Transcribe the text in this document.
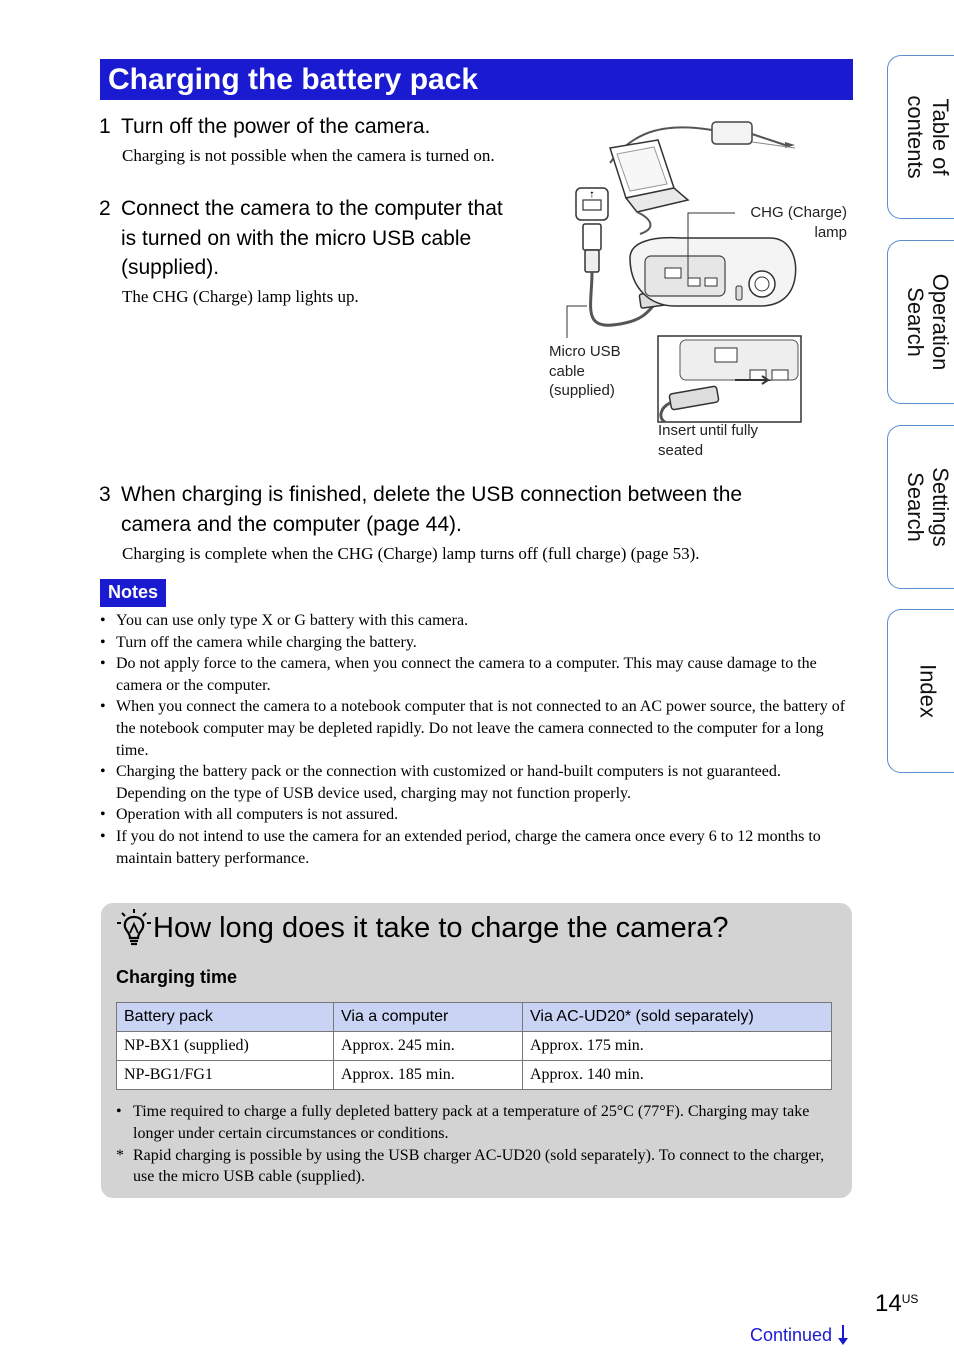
Charging the battery pack
1 Turn off the power of the camera.
Charging is not possible when the camera is turned on.
2 Connect the camera to the computer that
is turned on with the micro USB cable
(supplied).
The CHG (Charge) lamp lights up.
⭡
CHG (Charge)
lamp
Micro USB
cable
(supplied)
Insert until fully
seated
3 When charging is finished, delete the USB connection between the
camera and the computer (page 44).
Charging is complete when the CHG (Charge) lamp turns off (full charge) (page 53).
Notes
• You can use only type X or G battery with this camera.
• Turn off the camera while charging the battery.
• Do not apply force to the camera, when you connect the camera to a computer. This may cause damage to the camera or the computer.
• When you connect the camera to a notebook computer that is not connected to an AC power source, the battery of the notebook computer may be depleted rapidly. Do not leave the camera connected to the computer for a long time.
• Charging the battery pack or the connection with customized or hand-built computers is not guaranteed. Depending on the type of USB device used, charging may not function properly.
• Operation with all computers is not assured.
• If you do not intend to use the camera for an extended period, charge the camera once every 6 to 12 months to maintain battery performance.
How long does it take to charge the camera?
Charging time
Battery pack	Via a computer	Via AC-UD20* (sold separately)
NP-BX1 (supplied)	Approx. 245 min.	Approx. 175 min.
NP-BG1/FG1	Approx. 185 min.	Approx. 140 min.
• Time required to charge a fully depleted battery pack at a temperature of 25°C (77°F). Charging may take longer under certain circumstances or conditions.
* Rapid charging is possible by using the USB charger AC-UD20 (sold separately). To connect to the charger, use the micro USB cable (supplied).
Table of
contents
Operation
Search
Settings
Search
Index
$14^{US}$
Continued
